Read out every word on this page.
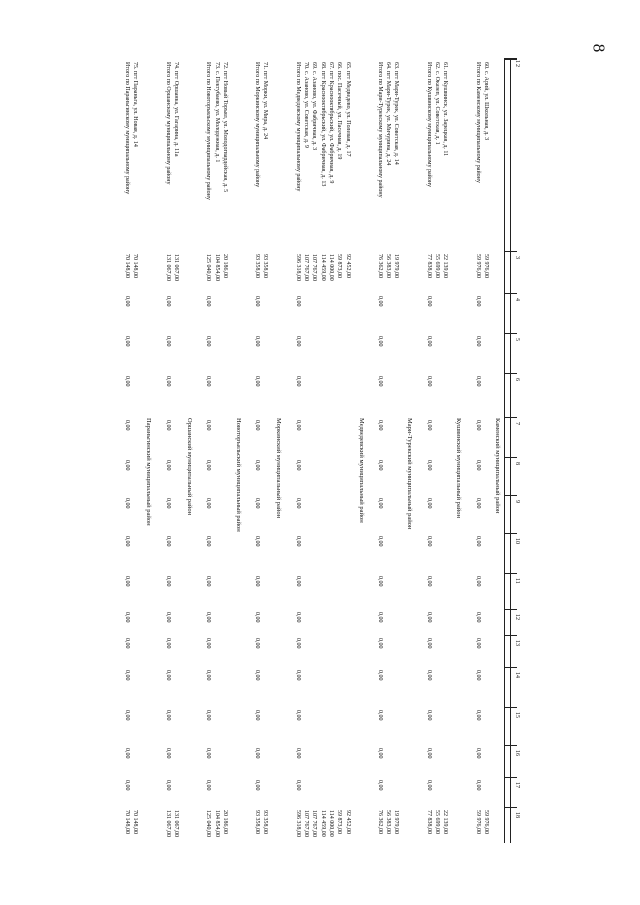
8
1
2
3
4
5
6
7
8
9
10
11
12
13
14
15
16
17
18
Каменский муниципальный район
60. с. Арий, ул. Школьная, д. 3
59 976,00
59 976,00
Итого по Каменскому муниципальному району
59 976,00
0,00
0,00
0,00
0,00
0,00
0,00
0,00
0,00
0,00
0,00
0,00
0,00
0,00
0,00
59 976,00
Кушвинский муниципальный район
61. пгт Кушвинск, ул. Зарецкая, д. 11
22 139,00
22 139,00
62. с. Оказеп, ул. Советская, д. 1
55 699,00
55 699,00
Итого по Кушвинскому муниципальному району
77 838,00
0,00
0,00
0,00
0,00
0,00
0,00
0,00
0,00
0,00
0,00
0,00
0,00
0,00
0,00
77 838,00
Мари-Турекский муниципальный район
63. пгт Мари-Турек, ул. Советская, д. 14
19 979,00
19 979,00
64. пгт Мари-Турек, ул. Мичурина, д. 24
56 383,00
56 383,00
Итого по Мари-Турекскому муниципальному району
76 362,00
0,00
0,00
0,00
0,00
0,00
0,00
0,00
0,00
0,00
0,00
0,00
0,00
0,00
0,00
76 362,00
Медведевский муниципальный район
65. пгт Медведево, ул. Полевая, д. 17
92 452,00
92 452,00
66. пос. Пасечный, ул. Пасечная, д. 19
59 873,00
59 873,00
67. пгт Краснооктябрьский, ул. Фабричная, д. 9
114 000,00
114 000,00
68. пгт Краснооктябрьский, ул. Фабричная, д. 13
114 459,00
114 459,00
69. с. Азаново, ул. Фабричная, д. 3
107 767,00
107 767,00
70. с. Азаново, ул. Советская, д. 9
107 767,00
107 767,00
Итого по Медведевскому муниципальному району
596 318,00
0,00
0,00
0,00
0,00
0,00
0,00
0,00
0,00
0,00
0,00
0,00
0,00
0,00
0,00
596 318,00
Моркинский муниципальный район
71. пгт Морки, ул. Мира, д. 24
93 358,00
93 358,00
Итого по Моркинскому муниципальному району
93 358,00
0,00
0,00
0,00
0,00
0,00
0,00
0,00
0,00
0,00
0,00
0,00
0,00
0,00
0,00
93 358,00
Новоторъяльский муниципальный район
72. пгт Новый Торъял, ул. Молодогвардейская, д. 5
20 186,00
20 186,00
73. с. Пектубаево, ул. Молодежная, д. 1
104 854,00
104 854,00
Итого по Новоторъяльскому муниципальному району
125 040,00
0,00
0,00
0,00
0,00
0,00
0,00
0,00
0,00
0,00
0,00
0,00
0,00
0,00
0,00
125 040,00
Оршанский муниципальный район
74. пгт Оршанка, ул. Гагарина, д. 11а
131 067,00
131 067,00
Итого по Оршанскому муниципальному району
131 067,00
0,00
0,00
0,00
0,00
0,00
0,00
0,00
0,00
0,00
0,00
0,00
0,00
0,00
0,00
131 067,00
Параньгинский муниципальный район
75. пгт Параньга, ул. Новая, д. 14
70 148,00
70 148,00
Итого по Параньгинскому муниципальному району
70 148,00
0,00
0,00
0,00
0,00
0,00
0,00
0,00
0,00
0,00
0,00
0,00
0,00
0,00
0,00
70 148,00
